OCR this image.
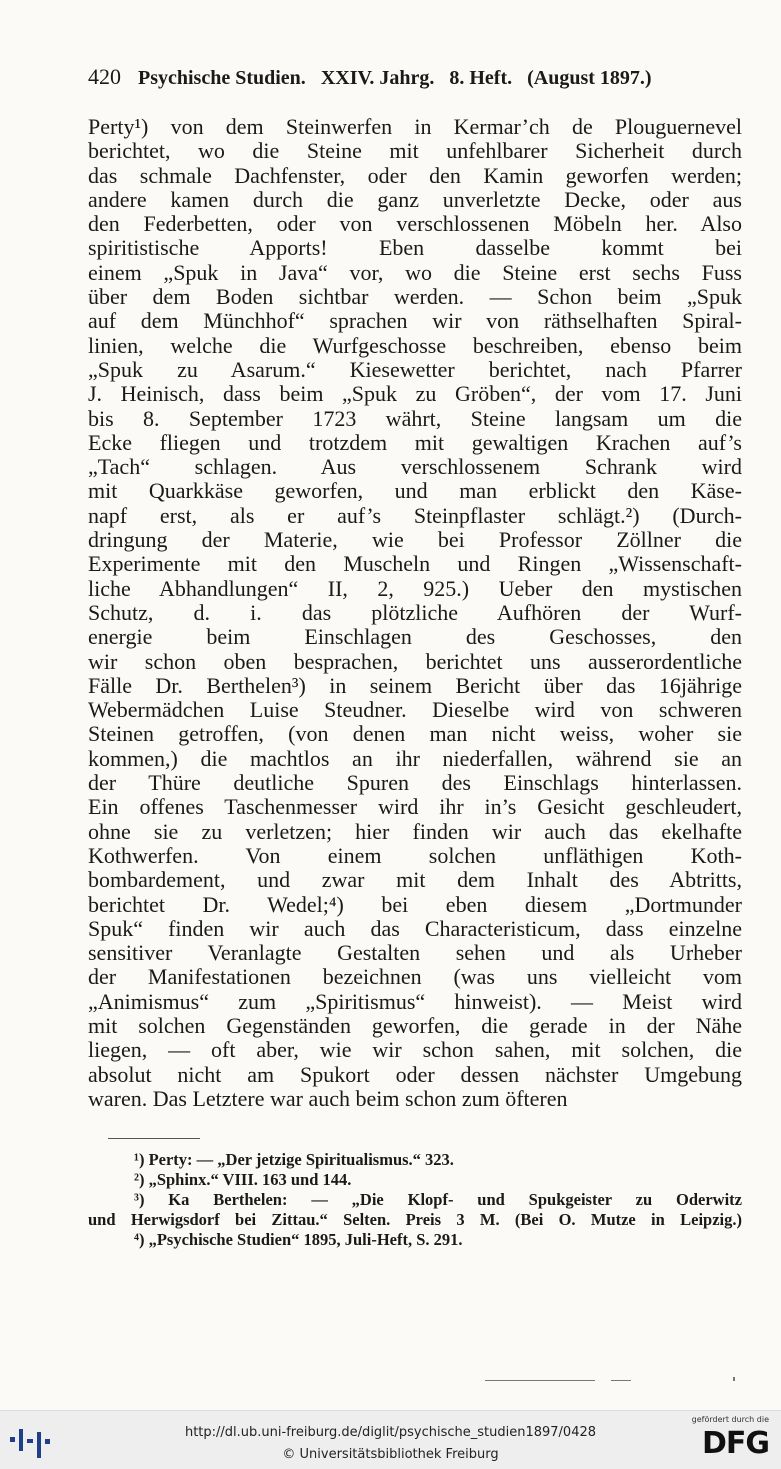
420 Psychische Studien. XXIV. Jahrg. 8. Heft. (August 1897.)
Perty¹) von dem Steinwerfen in Kermar’ch de Plouguernevel
berichtet, wo die Steine mit unfehlbarer Sicherheit durch
das schmale Dachfenster, oder den Kamin geworfen werden;
andere kamen durch die ganz unverletzte Decke, oder aus
den Federbetten, oder von verschlossenen Möbeln her. Also
spiritistische Apports! Eben dasselbe kommt bei
einem „Spuk in Java“ vor, wo die Steine erst sechs Fuss
über dem Boden sichtbar werden. — Schon beim „Spuk
auf dem Münchhof“ sprachen wir von räthselhaften Spiral-
linien, welche die Wurfgeschosse beschreiben, ebenso beim
„Spuk zu Asarum.“ Kiesewetter berichtet, nach Pfarrer
J. Heinisch, dass beim „Spuk zu Gröben“, der vom 17. Juni
bis 8. September 1723 währt, Steine langsam um die
Ecke fliegen und trotzdem mit gewaltigen Krachen auf’s
„Tach“ schlagen. Aus verschlossenem Schrank wird
mit Quarkkäse geworfen, und man erblickt den Käse-
napf erst, als er auf’s Steinpflaster schlägt.²) (Durch-
dringung der Materie, wie bei Professor Zöllner die
Experimente mit den Muscheln und Ringen „Wissenschaft-
liche Abhandlungen“ II, 2, 925.) Ueber den mystischen
Schutz, d. i. das plötzliche Aufhören der Wurf-
energie beim Einschlagen des Geschosses, den
wir schon oben besprachen, berichtet uns ausserordentliche
Fälle Dr. Berthelen³) in seinem Bericht über das 16jährige
Webermädchen Luise Steudner. Dieselbe wird von schweren
Steinen getroffen, (von denen man nicht weiss, woher sie
kommen,) die machtlos an ihr niederfallen, während sie an
der Thüre deutliche Spuren des Einschlags hinterlassen.
Ein offenes Taschenmesser wird ihr in’s Gesicht geschleudert,
ohne sie zu verletzen; hier finden wir auch das ekelhafte
Kothwerfen. Von einem solchen unfläthigen Koth-
bombardement, und zwar mit dem Inhalt des Abtritts,
berichtet Dr. Wedel;⁴) bei eben diesem „Dortmunder
Spuk“ finden wir auch das Characteristicum, dass einzelne
sensitiver Veranlagte Gestalten sehen und als Urheber
der Manifestationen bezeichnen (was uns vielleicht vom
„Animismus“ zum „Spiritismus“ hinweist). — Meist wird
mit solchen Gegenständen geworfen, die gerade in der Nähe
liegen, — oft aber, wie wir schon sahen, mit solchen, die
absolut nicht am Spukort oder dessen nächster Umgebung
waren. Das Letztere war auch beim schon zum öfteren
¹) Perty: — „Der jetzige Spiritualismus.“ 323.
²) „Sphinx.“ VIII. 163 und 144.
³) Ka Berthelen: — „Die Klopf- und Spukgeister zu Oderwitz
und Herwigsdorf bei Zittau.“ Selten. Preis 3 M. (Bei O. Mutze in Leipzig.)
⁴) „Psychische Studien“ 1895, Juli-Heft, S. 291.
http://dl.ub.uni-freiburg.de/diglit/psychische_studien1897/0428
© Universitätsbibliothek Freiburg
gefördert durch die
DFG
